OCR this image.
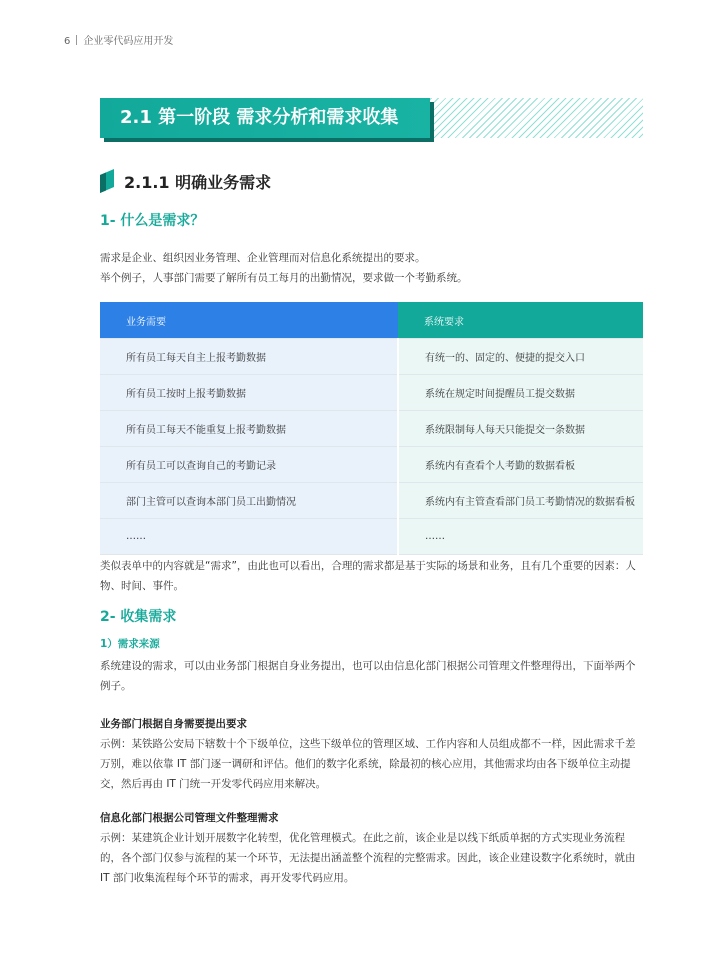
6 企业零代码应用开发
2.1 第一阶段 需求分析和需求收集
2.1.1 明确业务需求
1- 什么是需求？
需求是企业、组织因业务管理、企业管理而对信息化系统提出的要求。
举个例子，人事部门需要了解所有员工每月的出勤情况，要求做一个考勤系统。
业务需要	系统要求
所有员工每天自主上报考勤数据	有统一的、固定的、便捷的提交入口
所有员工按时上报考勤数据	系统在规定时间提醒员工提交数据
所有员工每天不能重复上报考勤数据	系统限制每人每天只能提交一条数据
所有员工可以查询自己的考勤记录	系统内有查看个人考勤的数据看板
部门主管可以查询本部门员工出勤情况	系统内有主管查看部门员工考勤情况的数据看板
……	……
类似表单中的内容就是“需求”，由此也可以看出，合理的需求都是基于实际的场景和业务，且有几个重要的因素：人物、时间、事件。
2- 收集需求
1）需求来源
系统建设的需求，可以由业务部门根据自身业务提出，也可以由信息化部门根据公司管理文件整理得出，下面举两个例子。
业务部门根据自身需要提出要求
示例：某铁路公安局下辖数十个下级单位，这些下级单位的管理区域、工作内容和人员组成都不一样，因此需求千差万别，难以依靠 IT 部门逐一调研和评估。他们的数字化系统，除最初的核心应用，其他需求均由各下级单位主动提交，然后再由 IT 门统一开发零代码应用来解决。
信息化部门根据公司管理文件整理需求
示例：某建筑企业计划开展数字化转型，优化管理模式。在此之前，该企业是以线下纸质单据的方式实现业务流程的，各个部门仅参与流程的某一个环节，无法提出涵盖整个流程的完整需求。因此，该企业建设数字化系统时，就由 IT 部门收集流程每个环节的需求，再开发零代码应用。
